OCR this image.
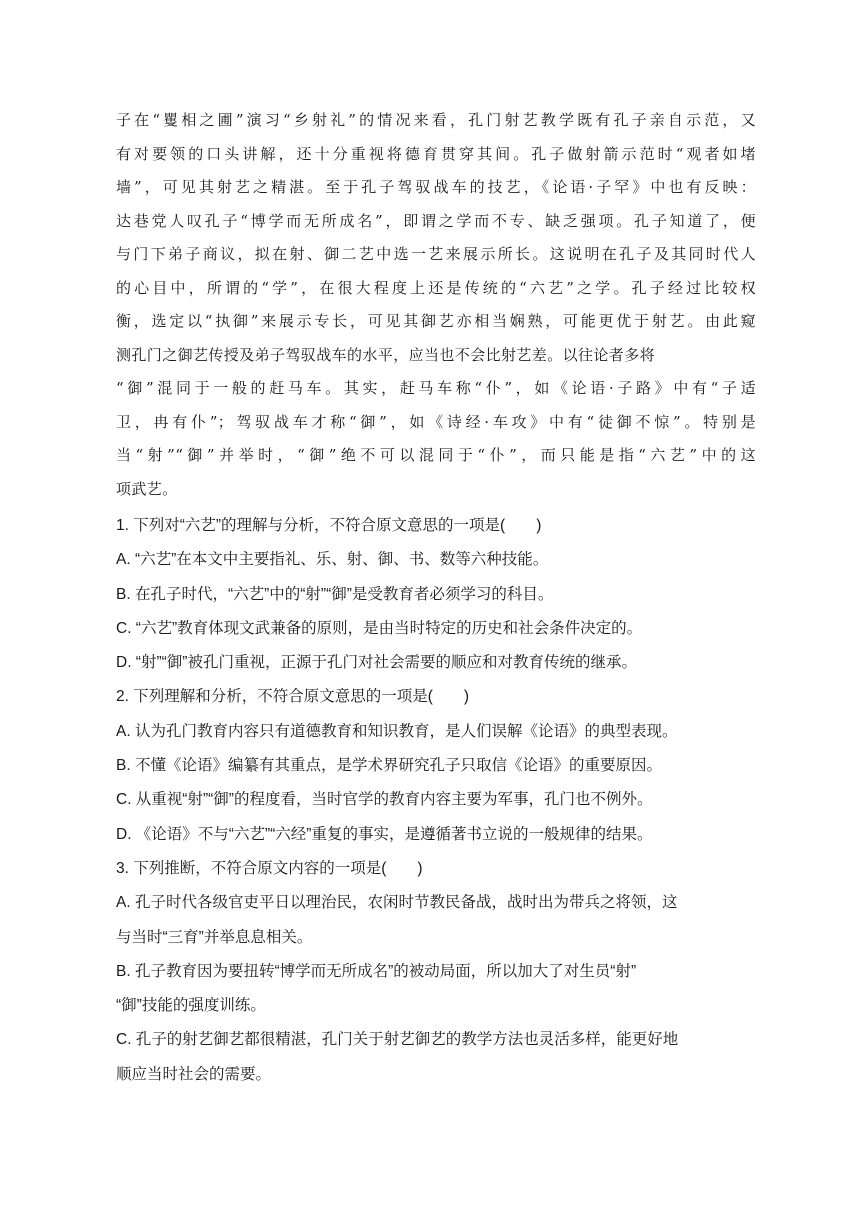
子在“矍相之圃”演习“乡射礼”的情况来看，孔门射艺教学既有孔子亲自示范，又
有对要领的口头讲解，还十分重视将德育贯穿其间。孔子做射箭示范时“观者如堵
墙”，可见其射艺之精湛。至于孔子驾驭战车的技艺，《论语·子罕》中也有反映：
达巷党人叹孔子“博学而无所成名”，即谓之学而不专、缺乏强项。孔子知道了，便
与门下弟子商议，拟在射、御二艺中选一艺来展示所长。这说明在孔子及其同时代人
的心目中，所谓的“学”，在很大程度上还是传统的“六艺”之学。孔子经过比较权
衡，选定以“执御”来展示专长，可见其御艺亦相当娴熟，可能更优于射艺。由此窥
测孔门之御艺传授及弟子驾驭战车的水平，应当也不会比射艺差。以往论者多将
“御”混同于一般的赶马车。其实，赶马车称“仆”，如《论语·子路》中有“子适
卫，冉有仆”；驾驭战车才称“御”，如《诗经·车攻》中有“徒御不惊”。特别是
当“射”“御”并举时，“御”绝不可以混同于“仆”，而只能是指“六艺”中的这
项武艺。
1. 下列对“六艺”的理解与分析，不符合原文意思的一项是(　　)
A. “六艺”在本文中主要指礼、乐、射、御、书、数等六种技能。
B. 在孔子时代，“六艺”中的“射”“御”是受教育者必须学习的科目。
C. “六艺”教育体现文武兼备的原则，是由当时特定的历史和社会条件决定的。
D. “射”“御”被孔门重视，正源于孔门对社会需要的顺应和对教育传统的继承。
2. 下列理解和分析，不符合原文意思的一项是(　　)
A. 认为孔门教育内容只有道德教育和知识教育，是人们误解《论语》的典型表现。
B. 不懂《论语》编纂有其重点，是学术界研究孔子只取信《论语》的重要原因。
C. 从重视“射”“御”的程度看，当时官学的教育内容主要为军事，孔门也不例外。
D. 《论语》不与“六艺”“六经”重复的事实，是遵循著书立说的一般规律的结果。
3. 下列推断，不符合原文内容的一项是(　　)
A. 孔子时代各级官吏平日以理治民，农闲时节教民备战，战时出为带兵之将领，这
与当时“三育”并举息息相关。
B. 孔子教育因为要扭转“博学而无所成名”的被动局面，所以加大了对生员“射”
“御”技能的强度训练。
C. 孔子的射艺御艺都很精湛，孔门关于射艺御艺的教学方法也灵活多样，能更好地
顺应当时社会的需要。
